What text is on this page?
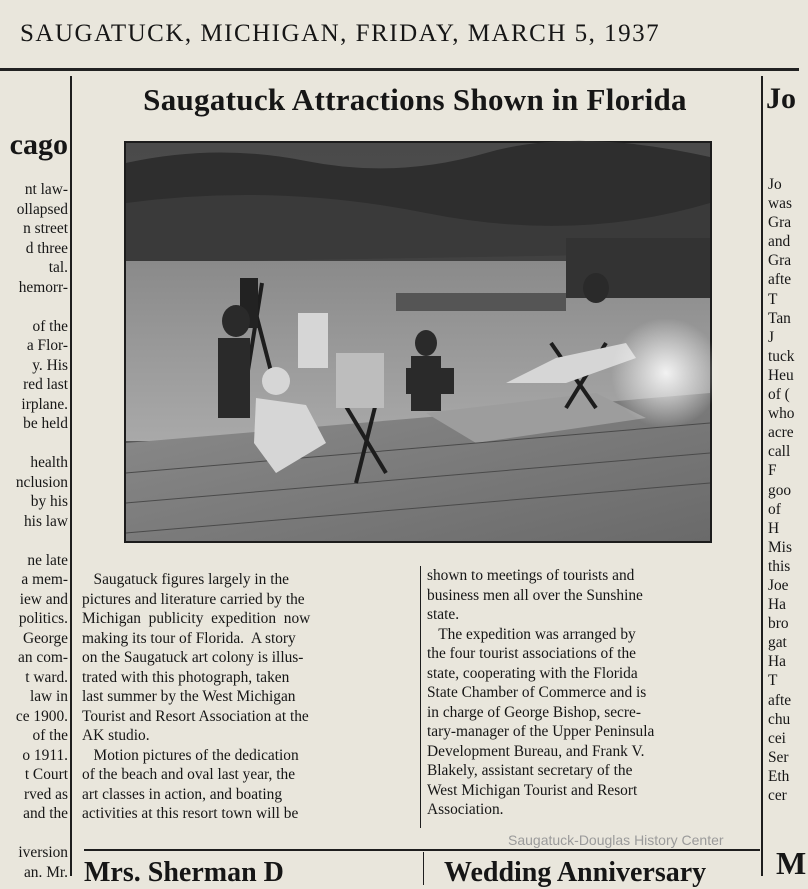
SAUGATUCK, MICHIGAN, FRIDAY, MARCH 5, 1937
cago
nt law-
ollapsed
n street
d three
tal.
hemorr-

of the
a Flor-
y. His
red last
irplane.
be held

health
nclusion
by his
his law

ne late
a mem-
iew and
politics.
George
an com-
t ward.
law in
ce 1900.
of the
o 1911.
t Court
rved as
and the

iversion
an. Mr.

Saugatuck Attractions Shown in Florida
Saugatuck figures largely in the
pictures and literature carried by the
Michigan  publicity  expedition  now
making its tour of Florida.  A story
on the Saugatuck art colony is illus-
trated with this photograph, taken
last summer by the West Michigan
Tourist and Resort Association at the
AK studio.
Motion pictures of the dedication
of the beach and oval last year, the
art classes in action, and boating
activities at this resort town will be

shown to meetings of tourists and
business men all over the Sunshine
state.
The expedition was arranged by
the four tourist associations of the
state, cooperating with the Florida
State Chamber of Commerce and is
in charge of George Bishop, secre-
tary-manager of the Upper Peninsula
Development Bureau, and Frank V.
Blakely, assistant secretary of the
West Michigan Tourist and Resort
Association.

Jo
Jo
was
Gra
and
Gra
afte
T
Tan
J
tuck
Heu
of (
who
acre
call
F
goo
of
H
Mis
this
Joe
Ha
bro
gat
Ha
T
afte
chu
cei
Ser
Eth
cer

Mrs. Sherman D	Wedding Anniversary M
Saugatuck-Douglas History Center
